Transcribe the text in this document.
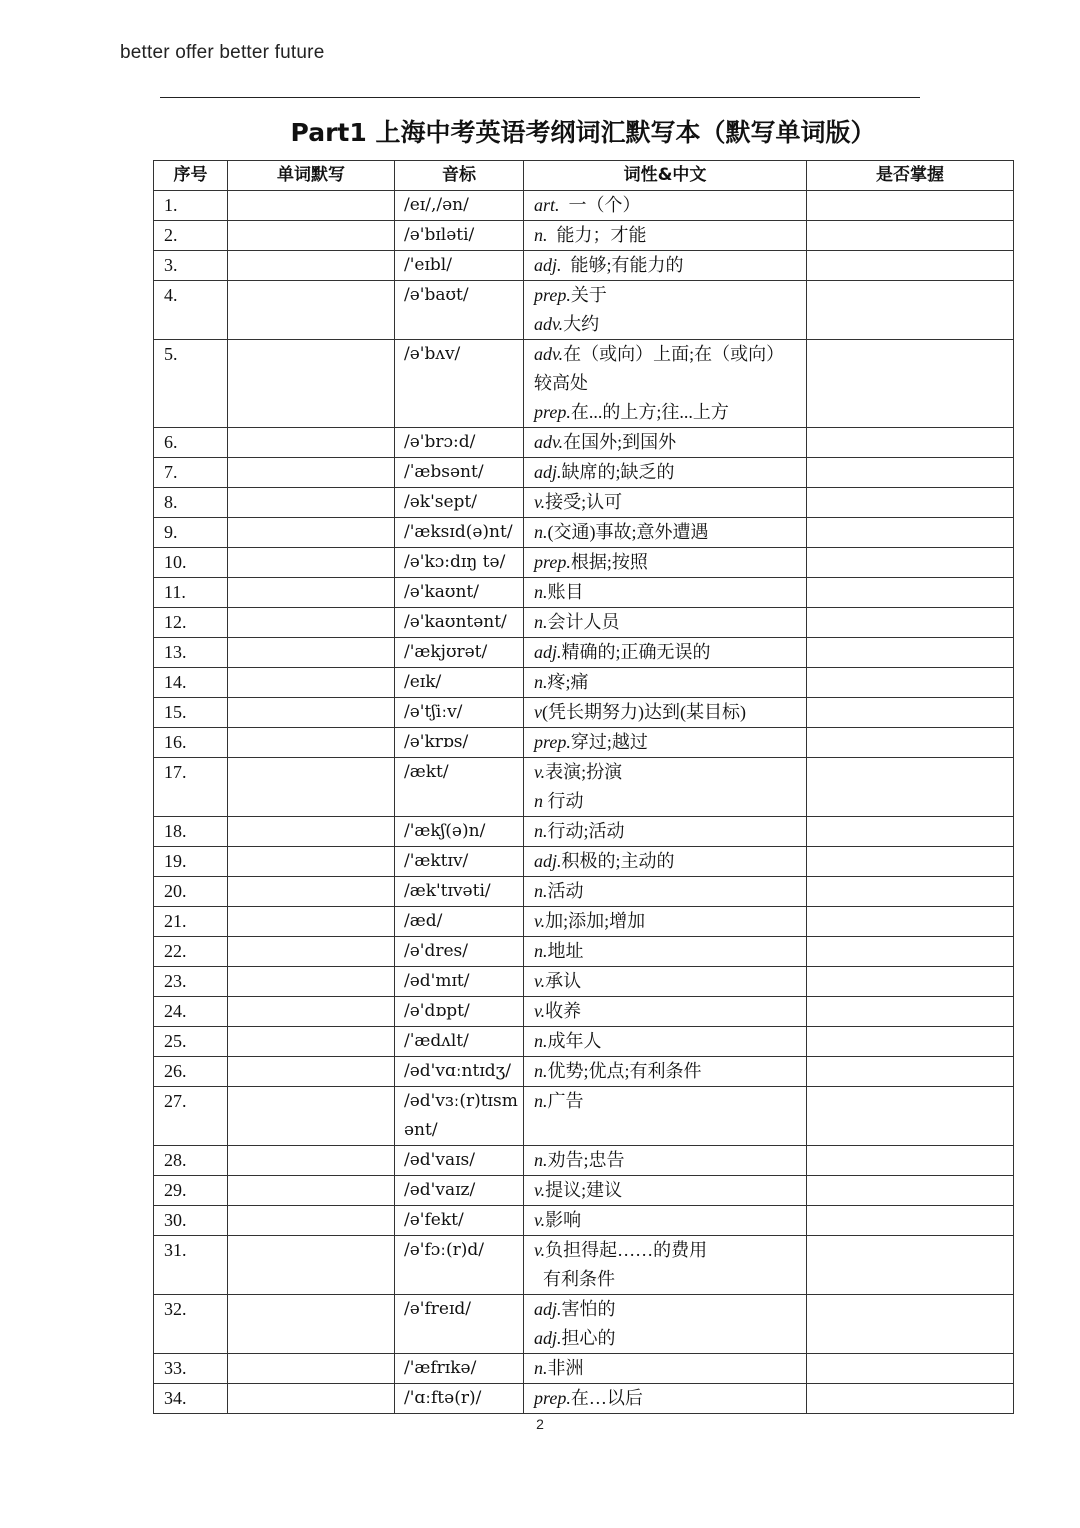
better offer better future
Part1 上海中考英语考纲词汇默写本（默写单词版）
序号	单词默写	音标	词性&中文	是否掌握
1.		/eɪ/,/ən/	art.  一（个）	

2.		/ə'bɪləti/	n.  能力；才能	

3.		/'eɪbl/	adj.  能够;有能力的	

4.		/ə'baʊt/	prep.关于
adv.大约	

5.		/ə'bʌv/	adv.在（或向）上面;在（或向）
较高处
prep.在...的上方;往...上方	

6.		/ə'brɔ:d/	adv.在国外;到国外	

7.		/ˈæbsənt/	adj.缺席的;缺乏的	

8.		/ək'sept/	v.接受;认可	

9.		/'æksɪd(ə)nt/	n.(交通)事故;意外遭遇	

10.		/ə'kɔ:dɪŋ tə/	prep.根据;按照	

11.		/ə'kaʊnt/	n.账目	

12.		/ə'kaʊntənt/	n.会计人员	

13.		/'ækjʊrət/	adj.精确的;正确无误的	

14.		/eɪk/	n.疼;痛	

15.		/ə'tʃiːv/	v(凭长期努力)达到(某目标)	

16.		/ə'krɒs/	prep.穿过;越过	

17.		/ækt/	v.表演;扮演
n 行动	

18.		/'ækʃ(ə)n/	n.行动;活动	

19.		/'æktɪv/	adj.积极的;主动的	

20.		/æk'tɪvəti/	n.活动	

21.		/æd/	v.加;添加;增加	

22.		/ə'dres/	n.地址	

23.		/əd'mɪt/	v.承认	

24.		/ə'dɒpt/	v.收养	

25.		/ˈædʌlt/	n.成年人	

26.		/əd'vɑːntɪdʒ/	n.优势;优点;有利条件	

27.		/əd'vɜː(r)tɪsm
ənt/	n.广告	

28.		/əd'vaɪs/	n.劝告;忠告	

29.		/əd'vaɪz/	v.提议;建议	

30.		/ə'fekt/	v.影响	

31.		/ə'fɔː(r)d/	v.负担得起……的费用
有利条件	

32.		/ə'freɪd/	adj.害怕的
adj.担心的	

33.		/'æfrɪkə/	n.非洲	

34.		/'ɑːftə(r)/	prep.在…以后	

2
